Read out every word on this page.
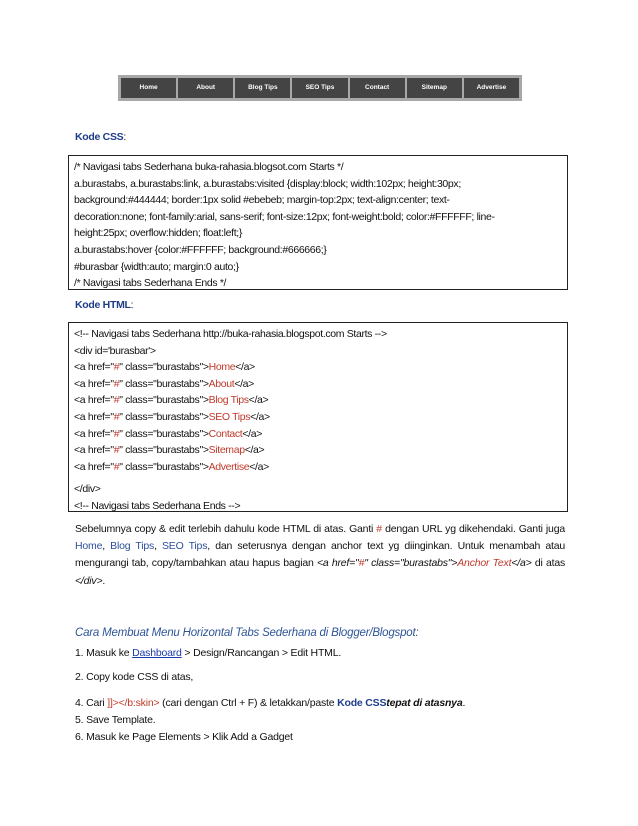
Home	About	Blog Tips	SEO Tips	Contact	Sitemap	Advertise
Kode CSS:
/* Navigasi tabs Sederhana buka-rahasia.blogsot.com Starts */
a.burastabs, a.burastabs:link, a.burastabs:visited {display:block; width:102px; height:30px;
background:#444444; border:1px solid #ebebeb; margin-top:2px; text-align:center; text-
decoration:none; font-family:arial, sans-serif; font-size:12px; font-weight:bold; color:#FFFFFF; line-
height:25px; overflow:hidden; float:left;}
a.burastabs:hover {color:#FFFFFF; background:#666666;}
#burasbar {width:auto; margin:0 auto;}
/* Navigasi tabs Sederhana Ends */
Kode HTML:
<!-- Navigasi tabs Sederhana http://buka-rahasia.blogspot.com Starts -->
<div id='burasbar'>
<a href="#" class="burastabs">Home</a>
<a href="#" class="burastabs">About</a>
<a href="#" class="burastabs">Blog Tips</a>
<a href="#" class="burastabs">SEO Tips</a>
<a href="#" class="burastabs">Contact</a>
<a href="#" class="burastabs">Sitemap</a>
<a href="#" class="burastabs">Advertise</a>
</div>
<!-- Navigasi tabs Sederhana Ends -->
Sebelumnya copy & edit terlebih dahulu kode HTML di atas. Ganti # dengan URL yg dikehendaki. Ganti juga Home, Blog Tips, SEO Tips, dan seterusnya dengan anchor text yg diinginkan. Untuk menambah atau mengurangi tab, copy/tambahkan atau hapus bagian <a href="#" class="burastabs">Anchor Text</a> di atas </div>.
Cara Membuat Menu Horizontal Tabs Sederhana di Blogger/Blogspot:
1. Masuk ke Dashboard > Design/Rancangan > Edit HTML.
2. Copy kode CSS di atas,
4. Cari ]]></b:skin> (cari dengan Ctrl + F) & letakkan/paste Kode CSStepat di atasnya.
5. Save Template.
6. Masuk ke Page Elements > Klik Add a Gadget
